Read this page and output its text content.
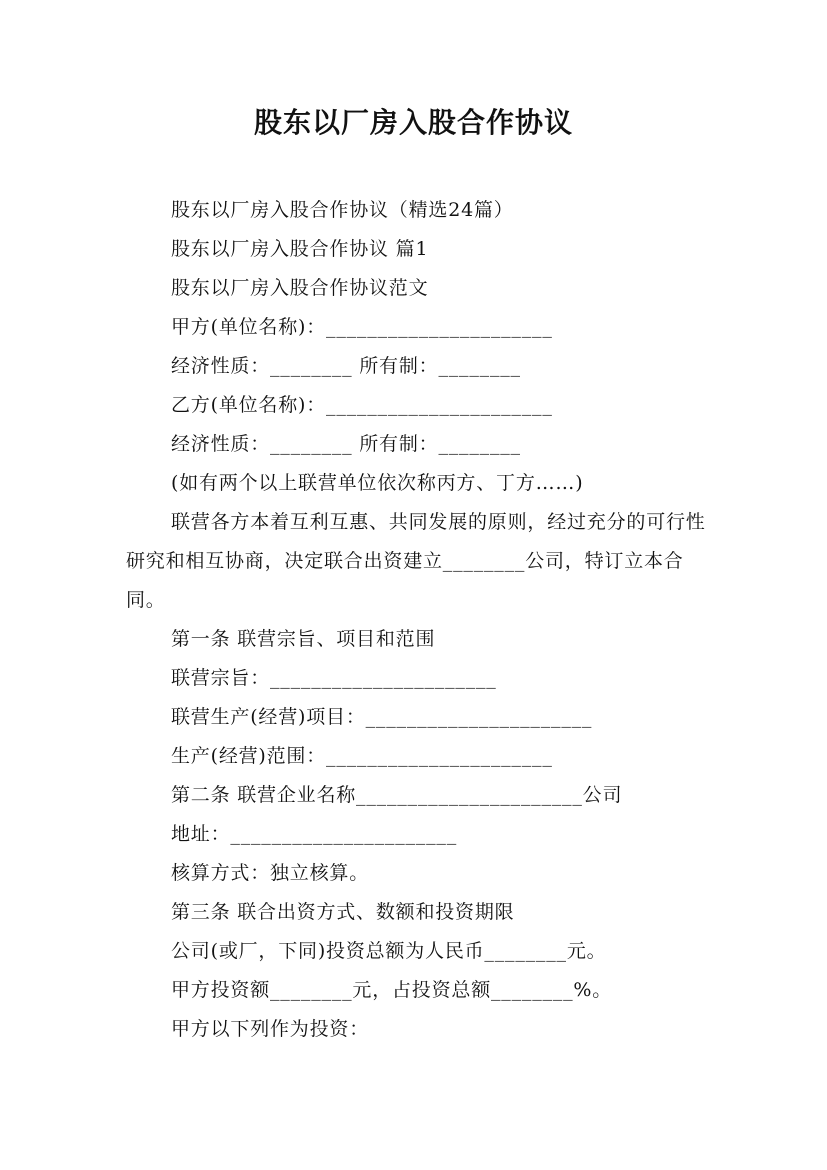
股东以厂房入股合作协议
股东以厂房入股合作协议（精选24篇）
股东以厂房入股合作协议 篇1
股东以厂房入股合作协议范文
甲方(单位名称)：______________________
经济性质：________ 所有制：________
乙方(单位名称)：______________________
经济性质：________ 所有制：________
(如有两个以上联营单位依次称丙方、丁方……)
联营各方本着互利互惠、共同发展的原则，经过充分的可行性研究和相互协商，决定联合出资建立________公司，特订立本合同。
第一条 联营宗旨、项目和范围
联营宗旨：______________________
联营生产(经营)项目：______________________
生产(经营)范围：______________________
第二条 联营企业名称______________________公司
地址：______________________
核算方式：独立核算。
第三条 联合出资方式、数额和投资期限
公司(或厂，下同)投资总额为人民币________元。
甲方投资额________元，占投资总额________%。
甲方以下列作为投资：
